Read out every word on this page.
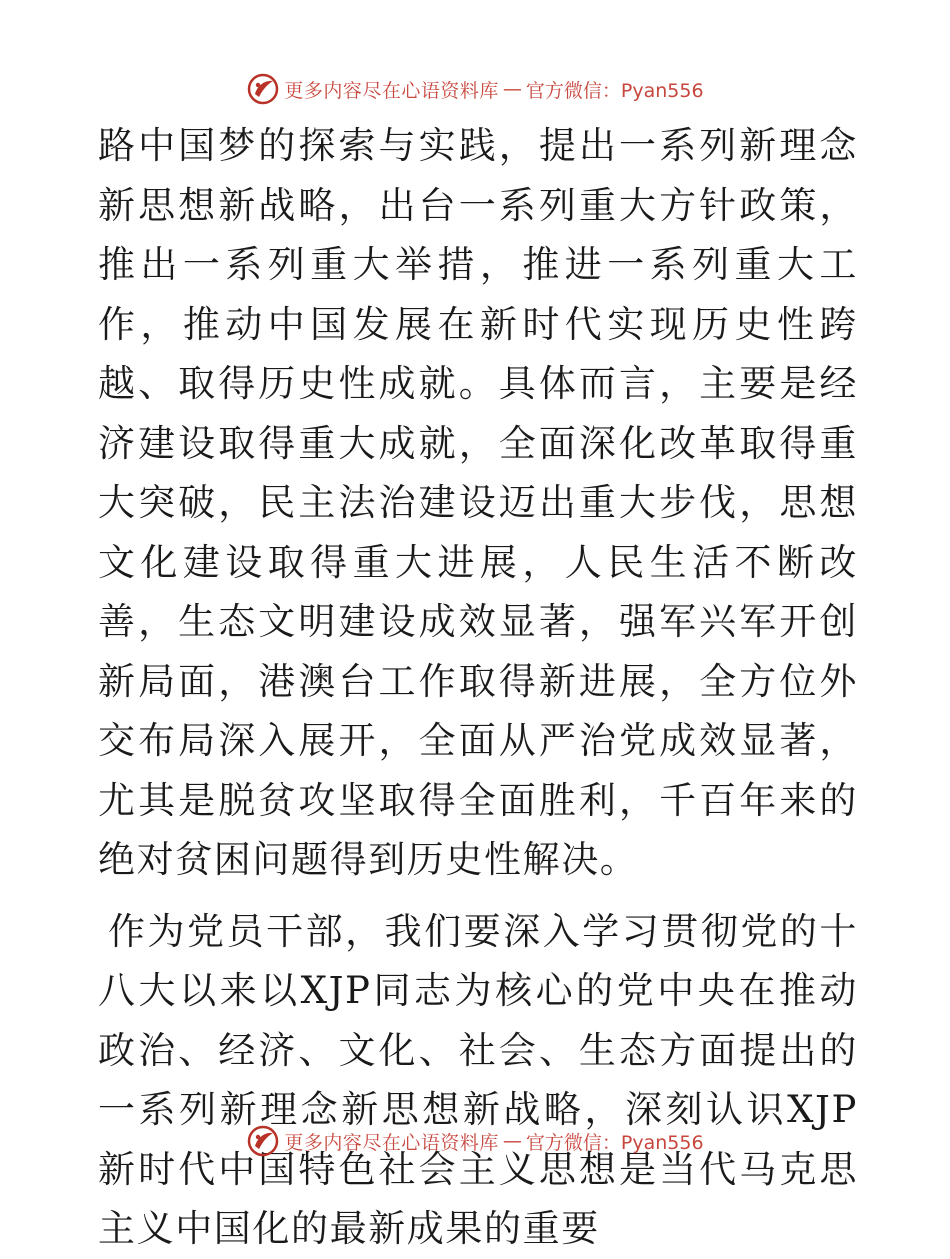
更多内容尽在心语资料库 — 官方微信：Pyan556

路中国梦的探索与实践，提出一系列新理念新思想新战略，出台一系列重大方针政策，推出一系列重大举措，推进一系列重大工作，推动中国发展在新时代实现历史性跨越、取得历史性成就。具体而言，主要是经济建设取得重大成就，全面深化改革取得重大突破，民主法治建设迈出重大步伐，思想文化建设取得重大进展，人民生活不断改善，生态文明建设成效显著，强军兴军开创新局面，港澳台工作取得新进展，全方位外交布局深入展开，全面从严治党成效显著，尤其是脱贫攻坚取得全面胜利，千百年来的绝对贫困问题得到历史性解决。

作为党员干部，我们要深入学习贯彻党的十八大以来以XJP同志为核心的党中央在推动政治、经济、文化、社会、生态方面提出的一系列新理念新思想新战略，深刻认识XJP新时代中国特色社会主义思想是当代马克思主义中国化的最新成果的重要

更多内容尽在心语资料库 — 官方微信：Pyan556
